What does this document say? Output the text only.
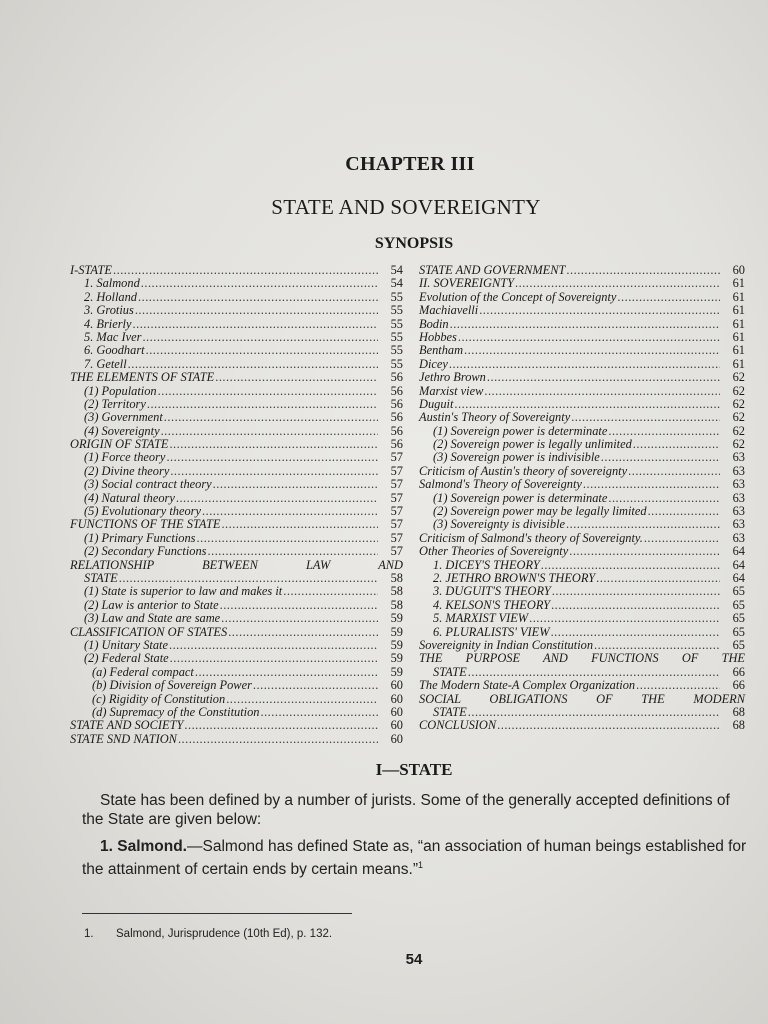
CHAPTER III
STATE AND SOVEREIGNTY
SYNOPSIS
I-STATE .....	54
1. Salmond .....	54
2. Holland .....	55
3. Grotius .....	55
4. Brierly .....	55
5. Mac Iver .....	55
6. Goodhart .....	55
7. Getell .....	55
THE ELEMENTS OF STATE .....	56
(1) Population .....	56
(2) Territory .....	56
(3) Government .....	56
(4) Sovereignty .....	56
ORIGIN OF STATE .....	56
(1) Force theory .....	57
(2) Divine theory .....	57
(3) Social contract theory .....	57
(4) Natural theory .....	57
(5) Evolutionary theory .....	57
FUNCTIONS OF THE STATE .....	57
(1) Primary Functions .....	57
(2) Secondary Functions .....	57
RELATIONSHIP BETWEEN LAW AND
STATE .....	58
(1) State is superior to law and makes it .....	58
(2) Law is anterior to State .....	58
(3) Law and State are same .....	59
CLASSIFICATION OF STATES .....	59
(1) Unitary State .....	59
(2) Federal State .....	59
(a) Federal compact .....	59
(b) Division of Sovereign Power .....	60
(c) Rigidity of Constitution .....	60
(d) Supremacy of the Constitution .....	60
STATE AND SOCIETY .....	60
STATE SND NATION .....	60
STATE AND GOVERNMENT .....	60
II. SOVEREIGNTY .....	61
Evolution of the Concept of Sovereignty .....	61
Machiavelli .....	61
Bodin .....	61
Hobbes .....	61
Bentham .....	61
Dicey .....	61
Jethro Brown .....	62
Marxist view .....	62
Duguit .....	62
Austin's Theory of Sovereignty .....	62
(1) Sovereign power is determinate .....	62
(2) Sovereign power is legally unlimited .....	62
(3) Sovereign power is indivisible .....	63
Criticism of Austin's theory of sovereignty .....	63
Salmond's Theory of Sovereignty .....	63
(1) Sovereign power is determinate .....	63
(2) Sovereign power may be legally limited .....	63
(3) Sovereignty is divisible .....	63
Criticism of Salmond's theory of Sovereignty. .....	63
Other Theories of Sovereignty .....	64
1. DICEY'S THEORY .....	64
2. JETHRO BROWN'S THEORY .....	64
3. DUGUIT'S THEORY .....	65
4. KELSON'S THEORY .....	65
5. MARXIST VIEW .....	65
6. PLURALISTS' VIEW .....	65
Sovereignity in Indian Constitution .....	65
THE PURPOSE AND FUNCTIONS OF THE
STATE .....	66
The Modern State-A Complex Organization .....	66
SOCIAL OBLIGATIONS OF THE MODERN
STATE .....	68
CONCLUSION .....	68
I—STATE
State has been defined by a number of jurists. Some of the generally accepted definitions of the State are given below:
1. Salmond.—Salmond has defined State as, “an association of human beings established for the attainment of certain ends by certain means.”$^1$
1. Salmond, Jurisprudence (10th Ed), p. 132.
54
